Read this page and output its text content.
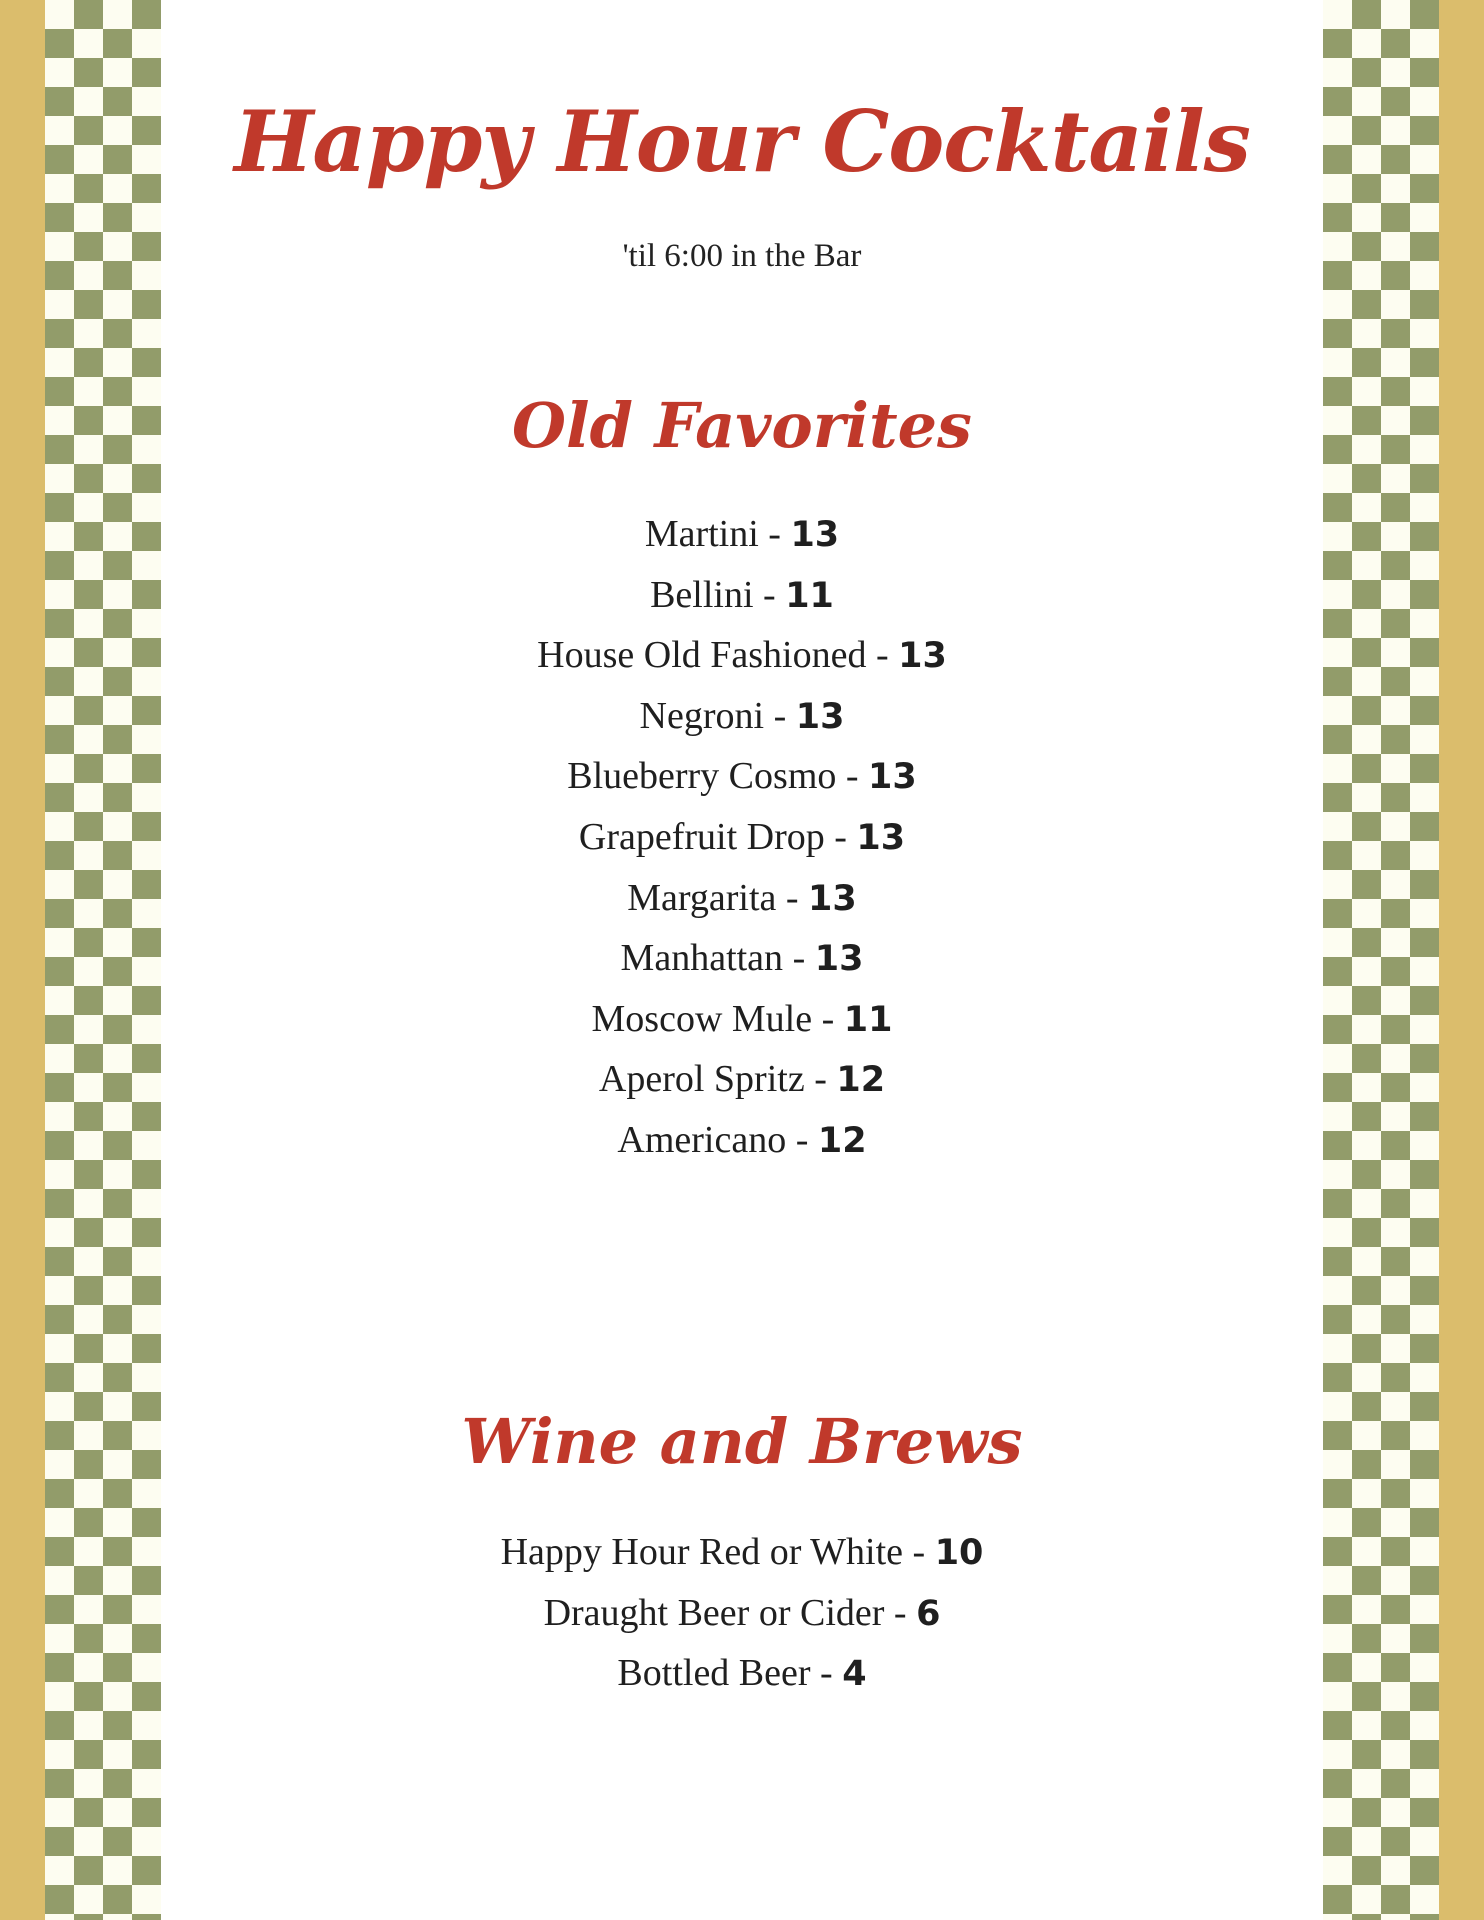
Happy Hour Cocktails
'til 6:00 in the Bar
Old Favorites
Martini - 13
Bellini - 11
House Old Fashioned - 13
Negroni - 13
Blueberry Cosmo - 13
Grapefruit Drop - 13
Margarita - 13
Manhattan - 13
Moscow Mule - 11
Aperol Spritz - 12
Americano - 12
Wine and Brews
Happy Hour Red or White - 10
Draught Beer or Cider - 6
Bottled Beer - 4
